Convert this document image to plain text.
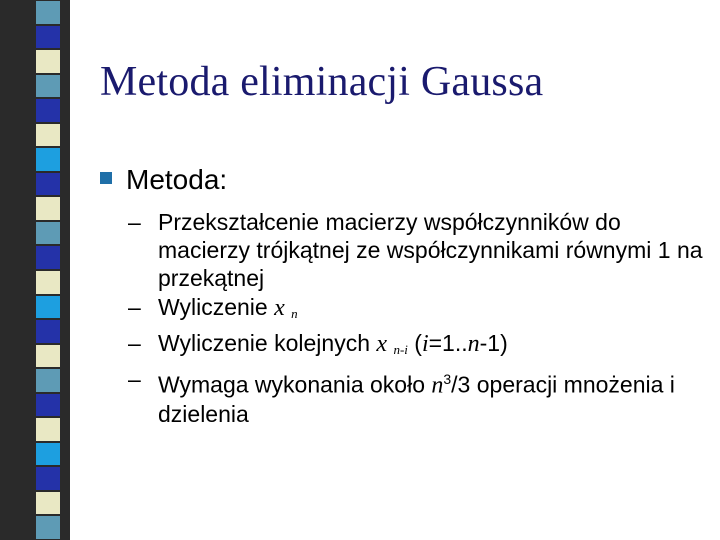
Metoda eliminacji Gaussa
Metoda:

– Przekształcenie macierzy współczynników do macierzy trójkątnej ze współczynnikami równymi 1 na przekątnej

– Wyliczenie x n

– Wyliczenie kolejnych x n-i (i=1..n-1)

– Wymaga wykonania około $n^3/3$ operacji mnożenia i dzielenia
